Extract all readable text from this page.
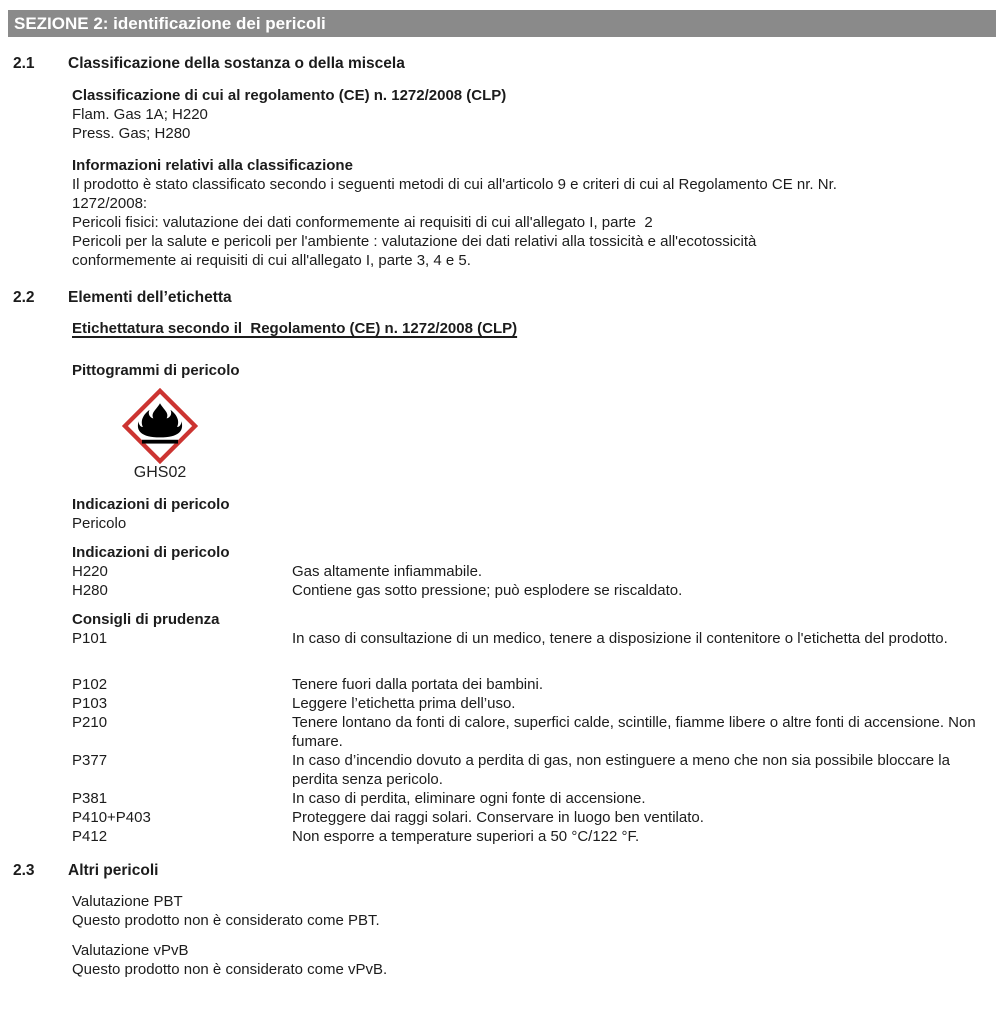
SEZIONE 2: identificazione dei pericoli
2.1	Classificazione della sostanza o della miscela
Classificazione di cui al regolamento (CE) n. 1272/2008 (CLP)
Flam. Gas 1A; H220
Press. Gas; H280
Informazioni relativi alla classificazione
Il prodotto è stato classificato secondo i seguenti metodi di cui all'articolo 9 e criteri di cui al Regolamento CE nr. Nr.
1272/2008:
Pericoli fisici: valutazione dei dati conformemente ai requisiti di cui all'allegato I, parte  2
Pericoli per la salute e pericoli per l'ambiente : valutazione dei dati relativi alla tossicità e all'ecotossicità
conformemente ai requisiti di cui all'allegato I, parte 3, 4 e 5.
2.2	Elementi dell’etichetta
Etichettatura secondo il  Regolamento (CE) n. 1272/2008 (CLP)
Pittogrammi di pericolo
GHS02
Indicazioni di pericolo
Pericolo
Indicazioni di pericolo
H220	Gas altamente infiammabile.
H280	Contiene gas sotto pressione; può esplodere se riscaldato.
Consigli di prudenza
P101	In caso di consultazione di un medico, tenere a disposizione il contenitore o l'etichetta del prodotto.
P102	Tenere fuori dalla portata dei bambini.
P103	Leggere l’etichetta prima dell’uso.
P210	Tenere lontano da fonti di calore, superfici calde, scintille, fiamme libere o altre fonti di accensione. Non fumare.
P377	In caso d’incendio dovuto a perdita di gas, non estinguere a meno che non sia possibile bloccare la perdita senza pericolo.
P381	In caso di perdita, eliminare ogni fonte di accensione.
P410+P403	Proteggere dai raggi solari. Conservare in luogo ben ventilato.
P412	Non esporre a temperature superiori a 50 °C/122 °F.
2.3	Altri pericoli
Valutazione PBT
Questo prodotto non è considerato come PBT.
Valutazione vPvB
Questo prodotto non è considerato come vPvB.
